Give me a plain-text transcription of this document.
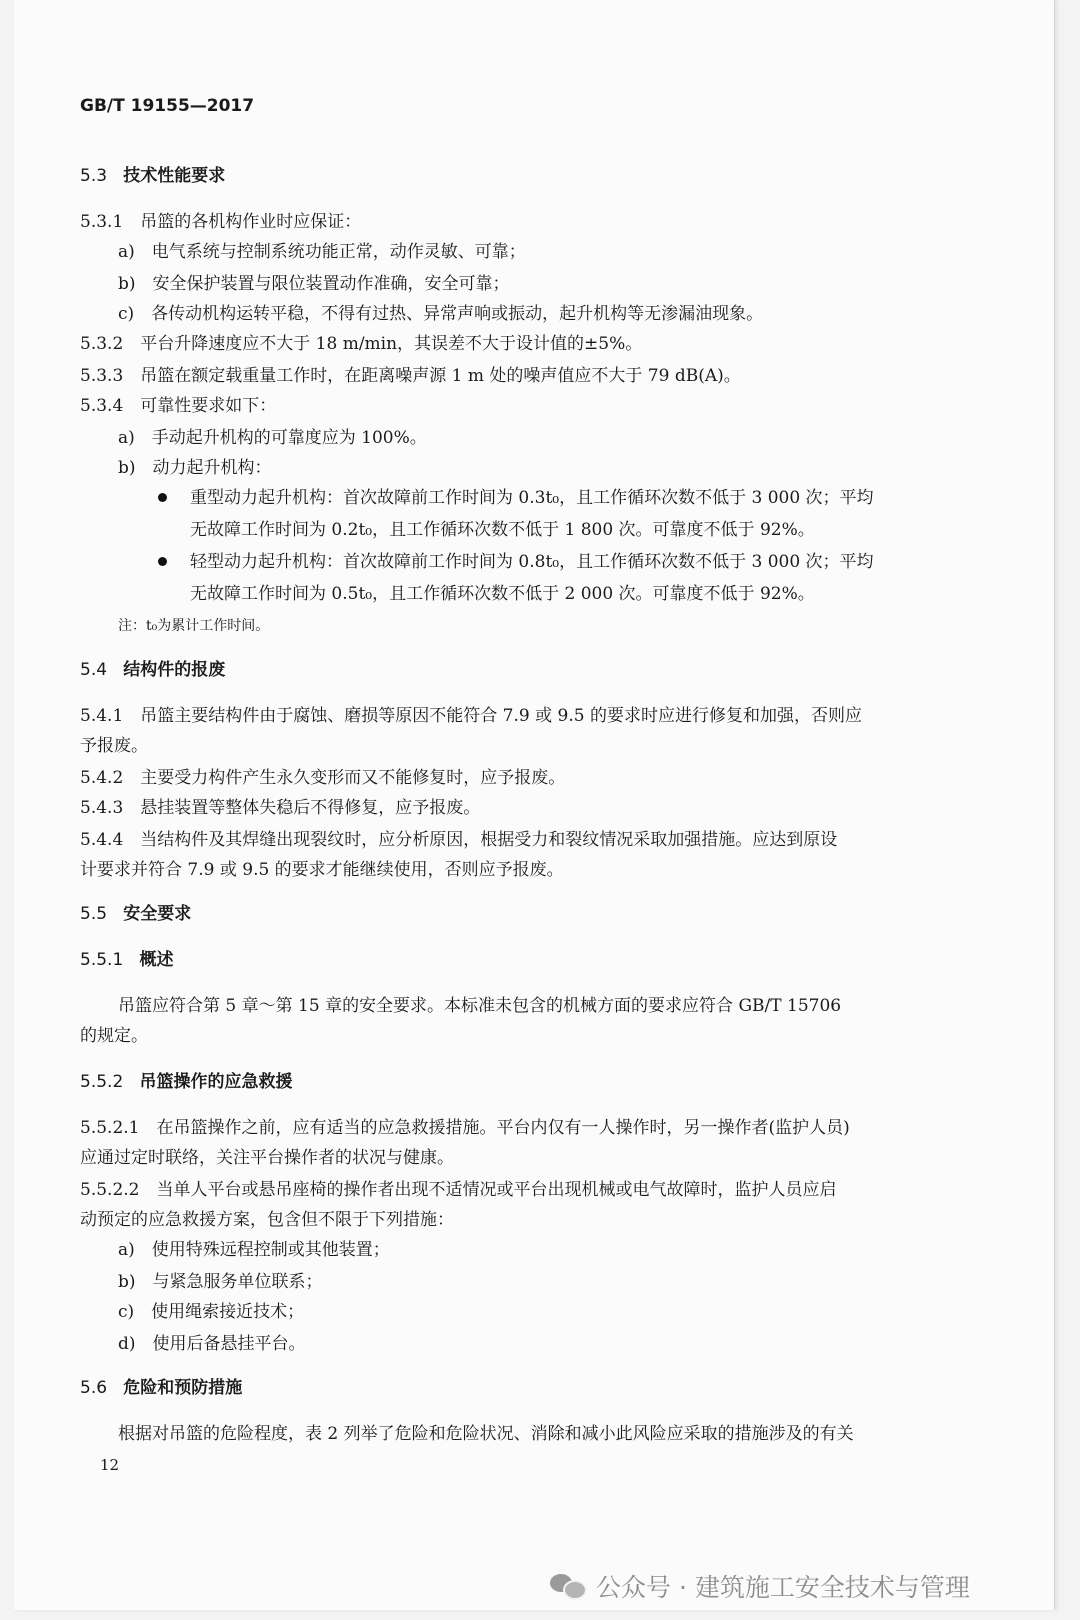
GB/T 19155—2017
5.3 技术性能要求
5.3.1　吊篮的各机构作业时应保证：
a)　电气系统与控制系统功能正常，动作灵敏、可靠；
b)　安全保护装置与限位装置动作准确，安全可靠；
c)　各传动机构运转平稳，不得有过热、异常声响或振动，起升机构等无渗漏油现象。
5.3.2　平台升降速度应不大于 18 m/min，其误差不大于设计值的±5%。
5.3.3　吊篮在额定载重量工作时，在距离噪声源 1 m 处的噪声值应不大于 79 dB(A)。
5.3.4　可靠性要求如下：
a)　手动起升机构的可靠度应为 100%。
b)　动力起升机构：
重型动力起升机构：首次故障前工作时间为 0.3t₀，且工作循环次数不低于 3 000 次；平均
无故障工作时间为 0.2t₀，且工作循环次数不低于 1 800 次。可靠度不低于 92%。
轻型动力起升机构：首次故障前工作时间为 0.8t₀，且工作循环次数不低于 3 000 次；平均
无故障工作时间为 0.5t₀，且工作循环次数不低于 2 000 次。可靠度不低于 92%。
注：t₀为累计工作时间。
5.4 结构件的报废
5.4.1　吊篮主要结构件由于腐蚀、磨损等原因不能符合 7.9 或 9.5 的要求时应进行修复和加强，否则应
予报废。
5.4.2　主要受力构件产生永久变形而又不能修复时，应予报废。
5.4.3　悬挂装置等整体失稳后不得修复，应予报废。
5.4.4　当结构件及其焊缝出现裂纹时，应分析原因，根据受力和裂纹情况采取加强措施。应达到原设
计要求并符合 7.9 或 9.5 的要求才能继续使用，否则应予报废。
5.5 安全要求
5.5.1 概述
吊篮应符合第 5 章～第 15 章的安全要求。本标准未包含的机械方面的要求应符合 GB/T 15706
的规定。
5.5.2 吊篮操作的应急救援
5.5.2.1　在吊篮操作之前，应有适当的应急救援措施。平台内仅有一人操作时，另一操作者(监护人员)
应通过定时联络，关注平台操作者的状况与健康。
5.5.2.2　当单人平台或悬吊座椅的操作者出现不适情况或平台出现机械或电气故障时，监护人员应启
动预定的应急救援方案，包含但不限于下列措施：
a)　使用特殊远程控制或其他装置；
b)　与紧急服务单位联系；
c)　使用绳索接近技术；
d)　使用后备悬挂平台。
5.6 危险和预防措施
根据对吊篮的危险程度，表 2 列举了危险和危险状况、消除和减小此风险应采取的措施涉及的有关
12
公众号 · 建筑施工安全技术与管理
